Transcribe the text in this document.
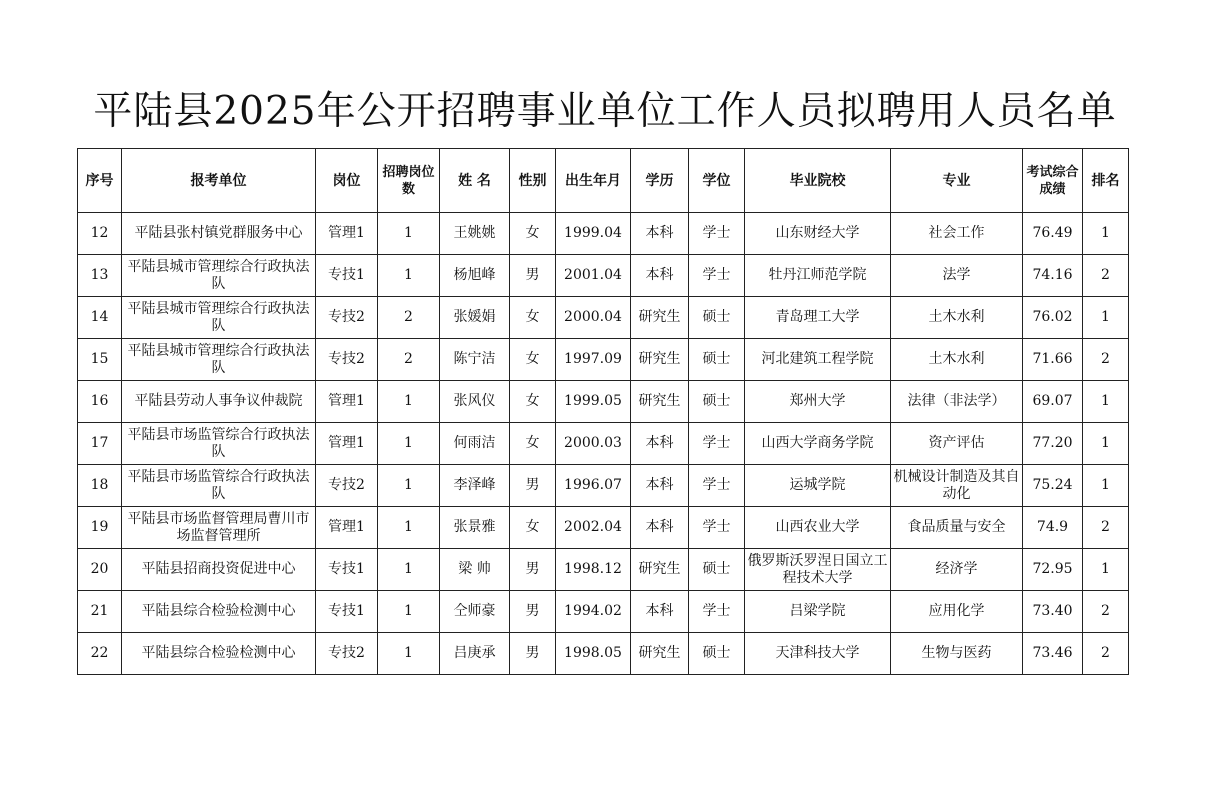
平陆县2025年公开招聘事业单位工作人员拟聘用人员名单
序号	报考单位	岗位	招聘岗位数	姓 名	性别	出生年月	学历	学位	毕业院校	专业	考试综合成绩	排名
12	平陆县张村镇党群服务中心	管理1	1	王姚姚	女	1999.04	本科	学士	山东财经大学	社会工作	76.49	1
13	平陆县城市管理综合行政执法队	专技1	1	杨旭峰	男	2001.04	本科	学士	牡丹江师范学院	法学	74.16	2
14	平陆县城市管理综合行政执法队	专技2	2	张媛娟	女	2000.04	研究生	硕士	青岛理工大学	土木水利	76.02	1
15	平陆县城市管理综合行政执法队	专技2	2	陈宁洁	女	1997.09	研究生	硕士	河北建筑工程学院	土木水利	71.66	2
16	平陆县劳动人事争议仲裁院	管理1	1	张风仪	女	1999.05	研究生	硕士	郑州大学	法律（非法学）	69.07	1
17	平陆县市场监管综合行政执法队	管理1	1	何雨洁	女	2000.03	本科	学士	山西大学商务学院	资产评估	77.20	1
18	平陆县市场监管综合行政执法队	专技2	1	李泽峰	男	1996.07	本科	学士	运城学院	机械设计制造及其自动化	75.24	1
19	平陆县市场监督管理局曹川市场监督管理所	管理1	1	张景雅	女	2002.04	本科	学士	山西农业大学	食品质量与安全	74.9	2
20	平陆县招商投资促进中心	专技1	1	梁 帅	男	1998.12	研究生	硕士	俄罗斯沃罗涅日国立工程技术大学	经济学	72.95	1
21	平陆县综合检验检测中心	专技1	1	仝师豪	男	1994.02	本科	学士	吕梁学院	应用化学	73.40	2
22	平陆县综合检验检测中心	专技2	1	吕庚承	男	1998.05	研究生	硕士	天津科技大学	生物与医药	73.46	2
